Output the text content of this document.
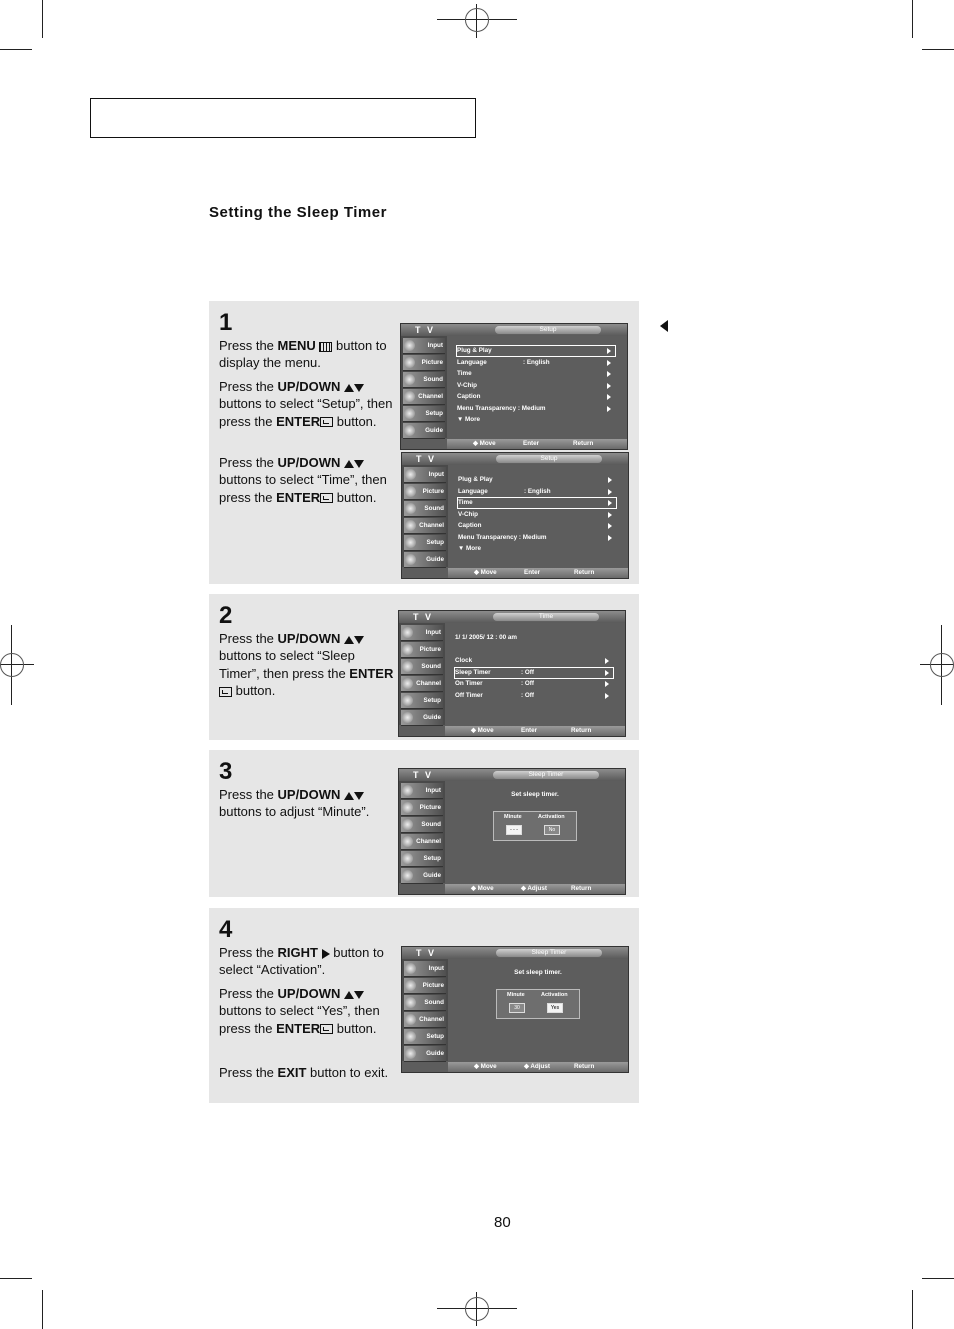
Setting the Sleep Timer
1
Press the MENU  button to display the menu.
Press the UP/DOWN  buttons to select “Setup”, then press the ENTER button.
Press the UP/DOWN  buttons to select “Time”, then press the ENTER button.
2
Press the UP/DOWN  buttons to select “Sleep Timer”, then press the ENTER button.
3
Press the UP/DOWN  buttons to adjust “Minute”.
4
Press the RIGHT  button to select “Activation”.
Press the UP/DOWN  buttons to select “Yes”, then press the ENTER button.
Press the EXIT button to exit.
T V	Setup
Input
Picture
Sound
Channel
Setup
Guide
Plug & Play
Language	: English
Time
V-Chip
Caption
Menu Transparency : Medium
▼ More
◆ Move	Enter	Return
T V	Setup
Input
Picture
Sound
Channel
Setup
Guide
Plug & Play
Language	: English
Time
V-Chip
Caption
Menu Transparency : Medium
▼ More
◆ Move	Enter	Return
T V	Time
Input
Picture
Sound
Channel
Setup
Guide
1/ 1/ 2005/ 12 : 00 am
Clock
Sleep Timer	: Off
On Timer	: Off
Off Timer	: Off
◆ Move	Enter	Return
T V	Sleep Timer
Input
Picture
Sound
Channel
Setup
Guide
Set sleep timer.
Minute	Activation
- - -	No
◆ Move	◆ Adjust	Return
T V	Sleep Timer
Input
Picture
Sound
Channel
Setup
Guide
Set sleep timer.
Minute	Activation
30	Yes
◆ Move	◆ Adjust	Return
80
